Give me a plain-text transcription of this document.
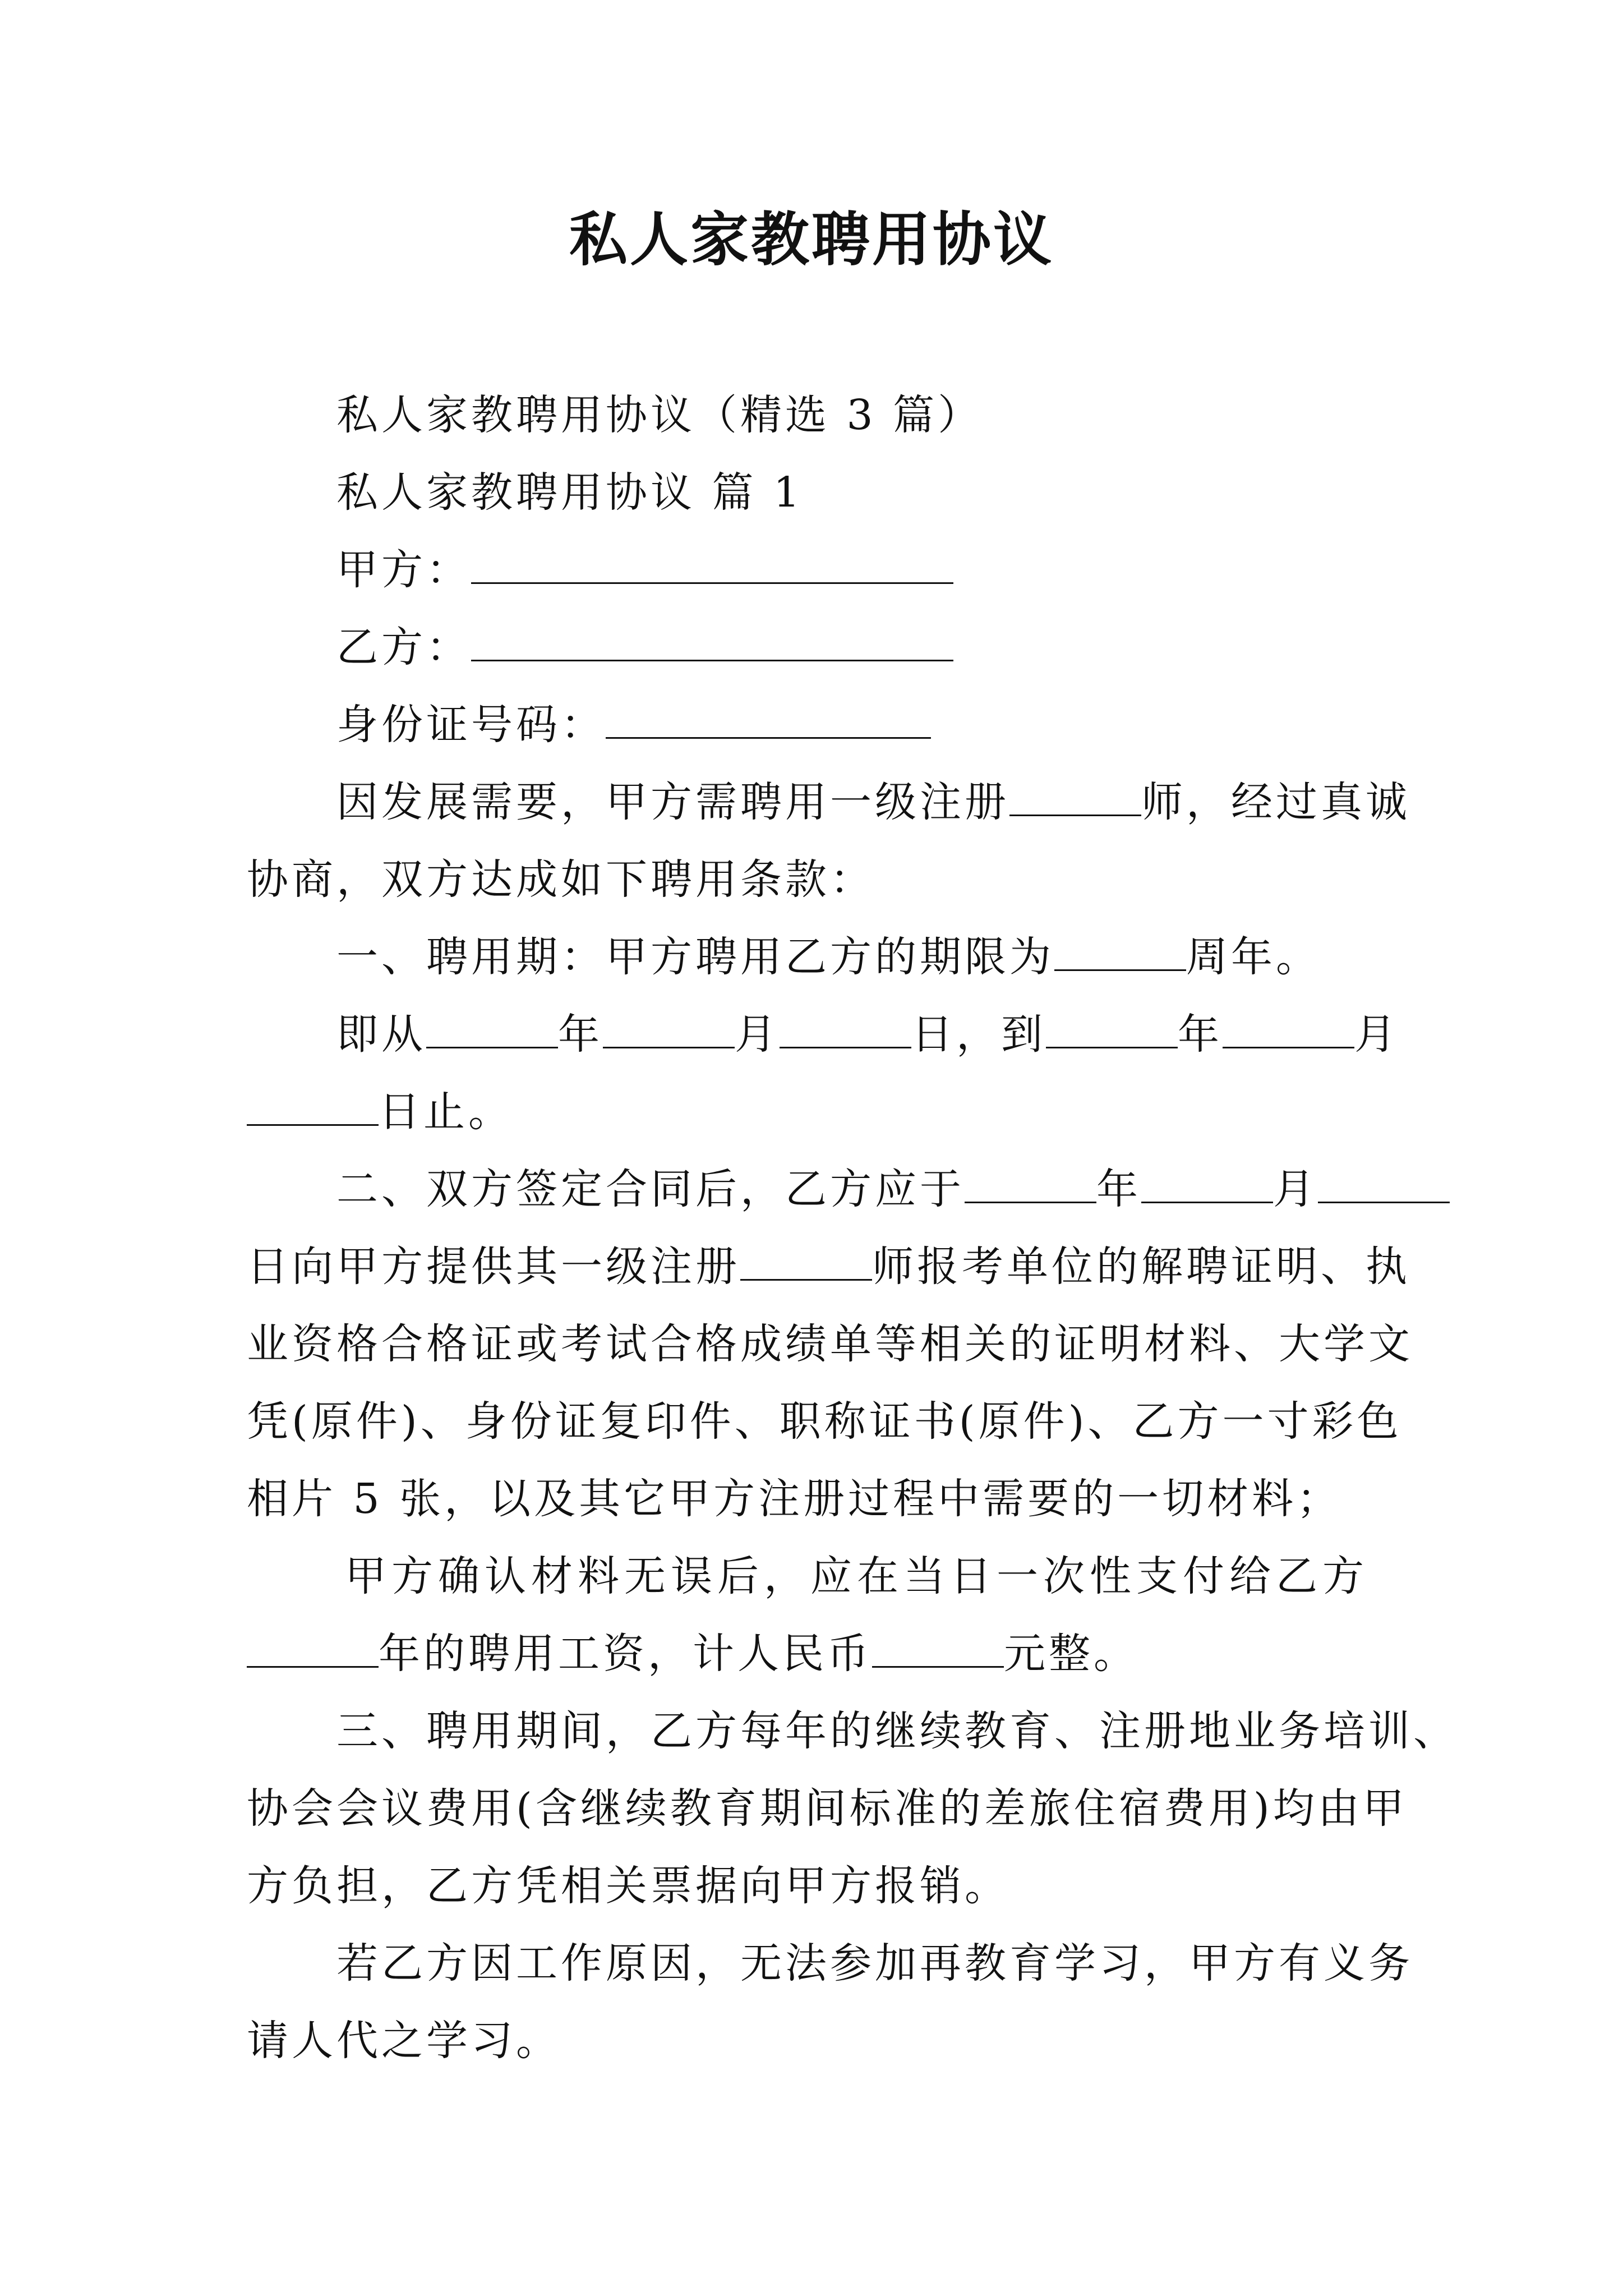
私人家教聘用协议
私人家教聘用协议（精选 3 篇）
私人家教聘用协议 篇 1
甲方：
乙方：
身份证号码：
因发展需要，甲方需聘用一级注册	师，经过真诚
协商，双方达成如下聘用条款：
一、聘用期：甲方聘用乙方的期限为	周年。
即从	年	月	日，到	年	月
日止。
二、双方签定合同后，乙方应于	年	月
日向甲方提供其一级注册	师报考单位的解聘证明、执
业资格合格证或考试合格成绩单等相关的证明材料、大学文
凭(原件)、身份证复印件、职称证书(原件)、乙方一寸彩色
相片 5 张，以及其它甲方注册过程中需要的一切材料；
甲方确认材料无误后，应在当日一次性支付给乙方
年的聘用工资，计人民币	元整。
三、聘用期间，乙方每年的继续教育、注册地业务培训、
协会会议费用(含继续教育期间标准的差旅住宿费用)均由甲
方负担，乙方凭相关票据向甲方报销。
若乙方因工作原因，无法参加再教育学习，甲方有义务
请人代之学习。
